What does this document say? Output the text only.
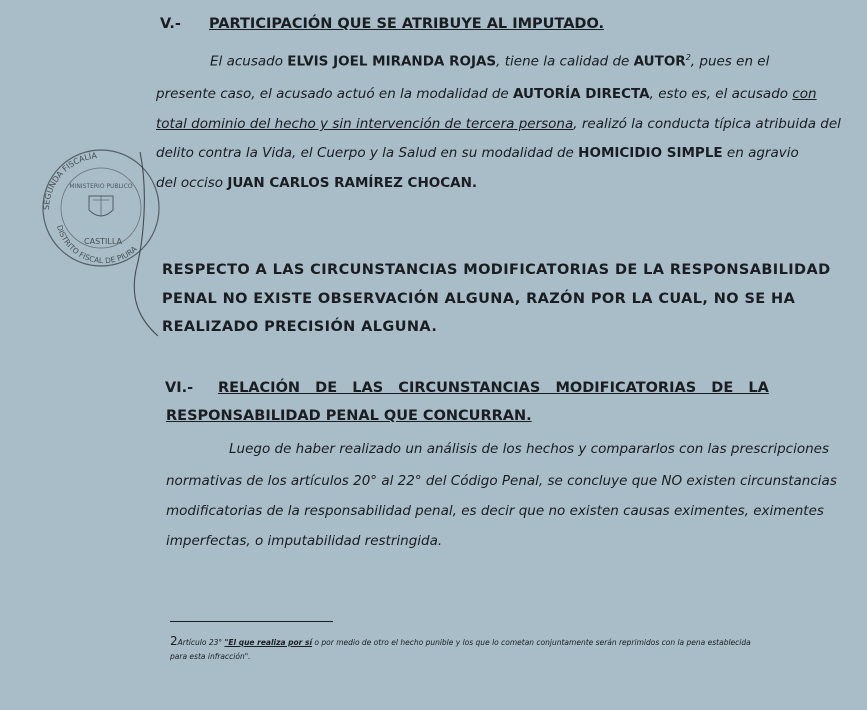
V.- PARTICIPACIÓN QUE SE ATRIBUYE AL IMPUTADO.
El acusado ELVIS JOEL MIRANDA ROJAS, tiene la calidad de AUTOR$^2$, pues en el
presente caso, el acusado actuó en la modalidad de AUTORÍA DIRECTA, esto es, el acusado con
total dominio del hecho y sin intervención de tercera persona, realizó la conducta típica atribuida del
delito contra la Vida, el Cuerpo y la Salud en su modalidad de HOMICIDIO SIMPLE en agravio
del occiso JUAN CARLOS RAMÍREZ CHOCAN.
RESPECTO A LAS CIRCUNSTANCIAS MODIFICATORIAS DE LA RESPONSABILIDAD
PENAL NO EXISTE OBSERVACIÓN ALGUNA, RAZÓN POR LA CUAL, NO SE HA
REALIZADO PRECISIÓN ALGUNA.
VI.- RELACIÓN   DE   LAS   CIRCUNSTANCIAS   MODIFICATORIAS   DE   LA
RESPONSABILIDAD PENAL QUE CONCURRAN.
Luego de haber realizado un análisis de los hechos y compararlos con las prescripciones
normativas de los artículos 20° al 22° del Código Penal, se concluye que NO existen circunstancias
modificatorias de la responsabilidad penal, es decir que no existen causas eximentes, eximentes
imperfectas, o imputabilidad restringida.
2Artículo 23° "El que realiza por sí o por medio de otro el hecho punible y los que lo cometan conjuntamente serán reprimidos con la pena establecida
para esta infracción".
SEGUNDA FISCALÍA
DISTRITO FISCAL DE PIURA
MINISTERIO PÚBLICO
CASTILLA
